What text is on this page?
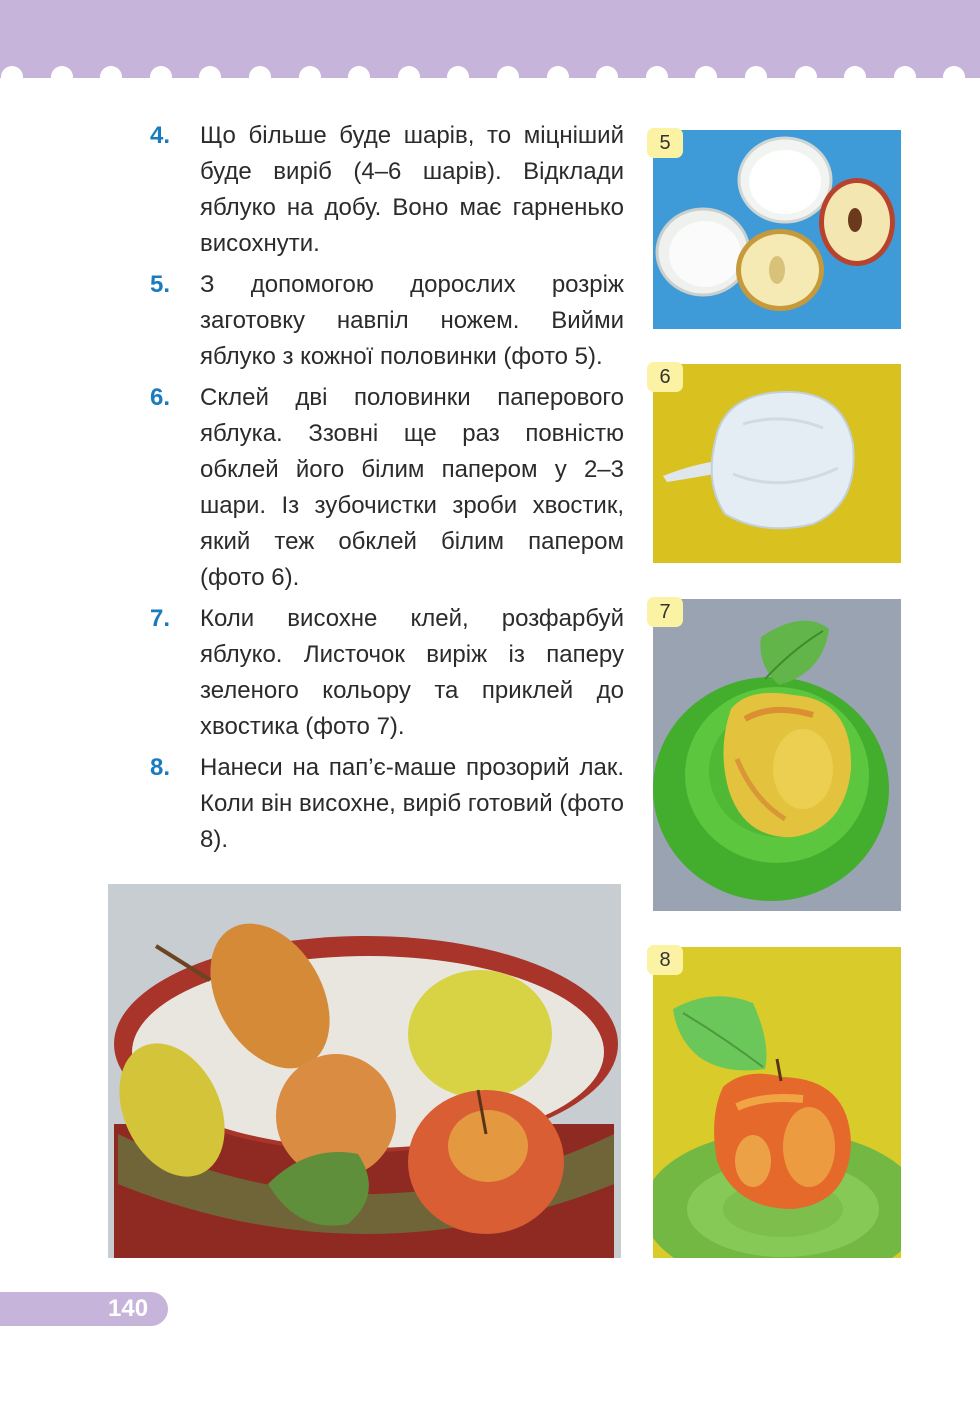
4. Що більше буде шарів, то міцніший буде виріб (4–6 шарів). Відклади яблуко на добу. Воно має гарненько висохнути.
5. З допомогою дорослих розріж заготовку навпіл ножем. Вийми яблуко з кожної половинки (фото 5).
6. Склей дві половинки паперового яблука. Ззовні ще раз повністю обклей його білим папером у 2–3 шари. Із зубочистки зроби хвостик, який теж обклей білим папером (фото 6).
7. Коли висохне клей, розфарбуй яблуко. Листочок виріж із паперу зеленого кольору та приклей до хвостика (фото 7).
8. Нанеси на пап’є-маше прозорий лак. Коли він висохне, виріб готовий (фото 8).
5
6
7
8
140
